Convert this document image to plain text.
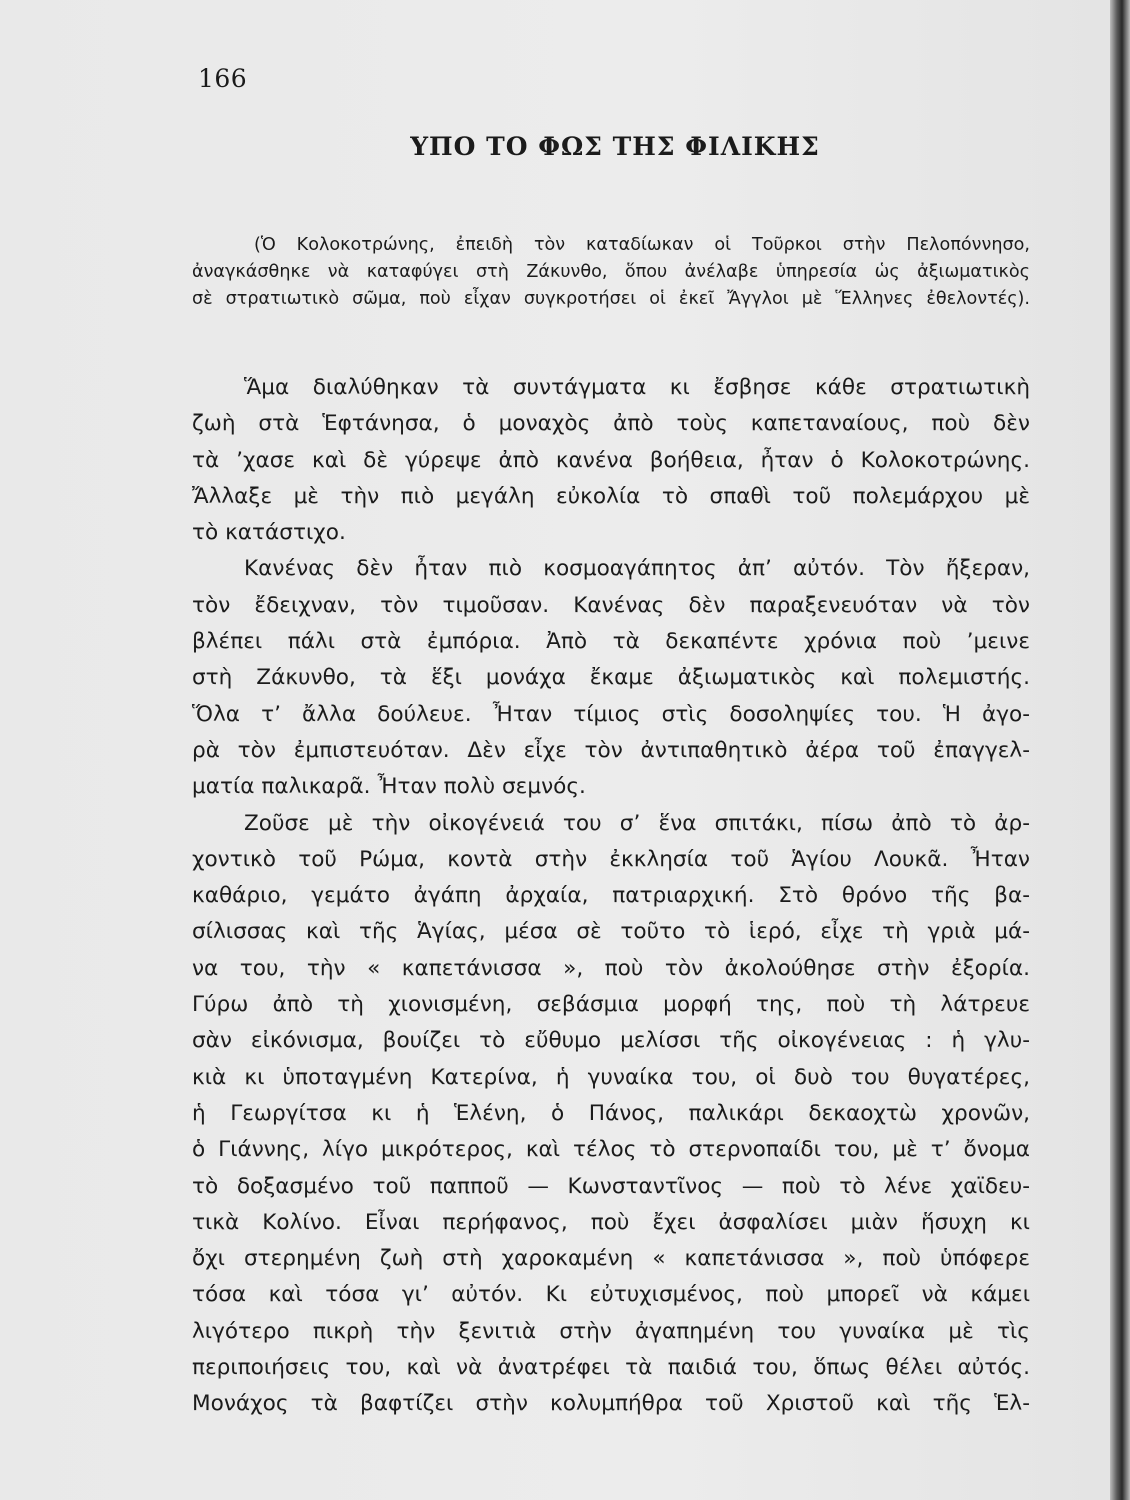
166
ΥΠΟ ΤΟ ΦΩΣ ΤΗΣ ΦΙΛΙΚΗΣ
(Ὁ Κολοκοτρώνης, ἐπειδὴ τὸν καταδίωκαν οἱ Τοῦρκοι στὴν Πελοπόννησο,
ἀναγκάσθηκε νὰ καταφύγει στὴ Ζάκυνθο, ὅπου ἀνέλαβε ὑπηρεσία ὡς ἀξιωματικὸς
σὲ στρατιωτικὸ σῶμα, ποὺ εἶχαν συγκροτήσει οἱ ἐκεῖ Ἄγγλοι μὲ Ἕλληνες ἐθελοντές).
Ἅμα διαλύθηκαν τὰ συντάγματα κι ἔσβησε κάθε στρατιωτικὴ
ζωὴ στὰ Ἑφτάνησα, ὁ μοναχὸς ἀπὸ τοὺς καπεταναίους, ποὺ δὲν
τὰ ’χασε καὶ δὲ γύρεψε ἀπὸ κανένα βοήθεια, ἦταν ὁ Κολοκοτρώνης.
Ἄλλαξε μὲ τὴν πιὸ μεγάλη εὐκολία τὸ σπαθὶ τοῦ πολεμάρχου μὲ
τὸ κατάστιχο.
Κανένας δὲν ἦταν πιὸ κοσμοαγάπητος ἀπ’ αὐτόν. Τὸν ἤξεραν,
τὸν ἔδειχναν, τὸν τιμοῦσαν. Κανένας δὲν παραξενευόταν νὰ τὸν
βλέπει πάλι στὰ ἐμπόρια. Ἀπὸ τὰ δεκαπέντε χρόνια ποὺ ’μεινε
στὴ Ζάκυνθο, τὰ ἕξι μονάχα ἔκαμε ἀξιωματικὸς καὶ πολεμιστής.
Ὅλα τ’ ἄλλα δούλευε. Ἦταν τίμιος στὶς δοσοληψίες του. Ἡ ἀγο-
ρὰ τὸν ἐμπιστευόταν. Δὲν εἶχε τὸν ἀντιπαθητικὸ ἀέρα τοῦ ἐπαγγελ-
ματία παλικαρᾶ. Ἦταν πολὺ σεμνός.
Ζοῦσε μὲ τὴν οἰκογένειά του σ’ ἕνα σπιτάκι, πίσω ἀπὸ τὸ ἀρ-
χοντικὸ τοῦ Ρώμα, κοντὰ στὴν ἐκκλησία τοῦ Ἁγίου Λουκᾶ. Ἦταν
καθάριο, γεμάτο ἀγάπη ἀρχαία, πατριαρχική. Στὸ θρόνο τῆς βα-
σίλισσας καὶ τῆς Ἁγίας, μέσα σὲ τοῦτο τὸ ἱερό, εἶχε τὴ γριὰ μά-
να του, τὴν « καπετάνισσα », ποὺ τὸν ἀκολούθησε στὴν ἐξορία.
Γύρω ἀπὸ τὴ χιονισμένη, σεβάσμια μορφή της, ποὺ τὴ λάτρευε
σὰν εἰκόνισμα, βουίζει τὸ εὔθυμο μελίσσι τῆς οἰκογένειας : ἡ γλυ-
κιὰ κι ὑποταγμένη Κατερίνα, ἡ γυναίκα του, οἱ δυὸ του θυγατέρες,
ἡ Γεωργίτσα κι ἡ Ἑλένη, ὁ Πάνος, παλικάρι δεκαοχτὼ χρονῶν,
ὁ Γιάννης, λίγο μικρότερος, καὶ τέλος τὸ στερνοπαίδι του, μὲ τ’ ὄνομα
τὸ δοξασμένο τοῦ παπποῦ — Κωνσταντῖνος — ποὺ τὸ λένε χαϊδευ-
τικὰ Κολίνο. Εἶναι περήφανος, ποὺ ἔχει ἀσφαλίσει μιὰν ἥσυχη κι
ὄχι στερημένη ζωὴ στὴ χαροκαμένη « καπετάνισσα », ποὺ ὑπόφερε
τόσα καὶ τόσα γι’ αὐτόν. Κι εὐτυχισμένος, ποὺ μπορεῖ νὰ κάμει
λιγότερο πικρὴ τὴν ξενιτιὰ στὴν ἀγαπημένη του γυναίκα μὲ τὶς
περιποιήσεις του, καὶ νὰ ἀνατρέφει τὰ παιδιά του, ὅπως θέλει αὐτός.
Μονάχος τὰ βαφτίζει στὴν κολυμπήθρα τοῦ Χριστοῦ καὶ τῆς Ἑλ-
